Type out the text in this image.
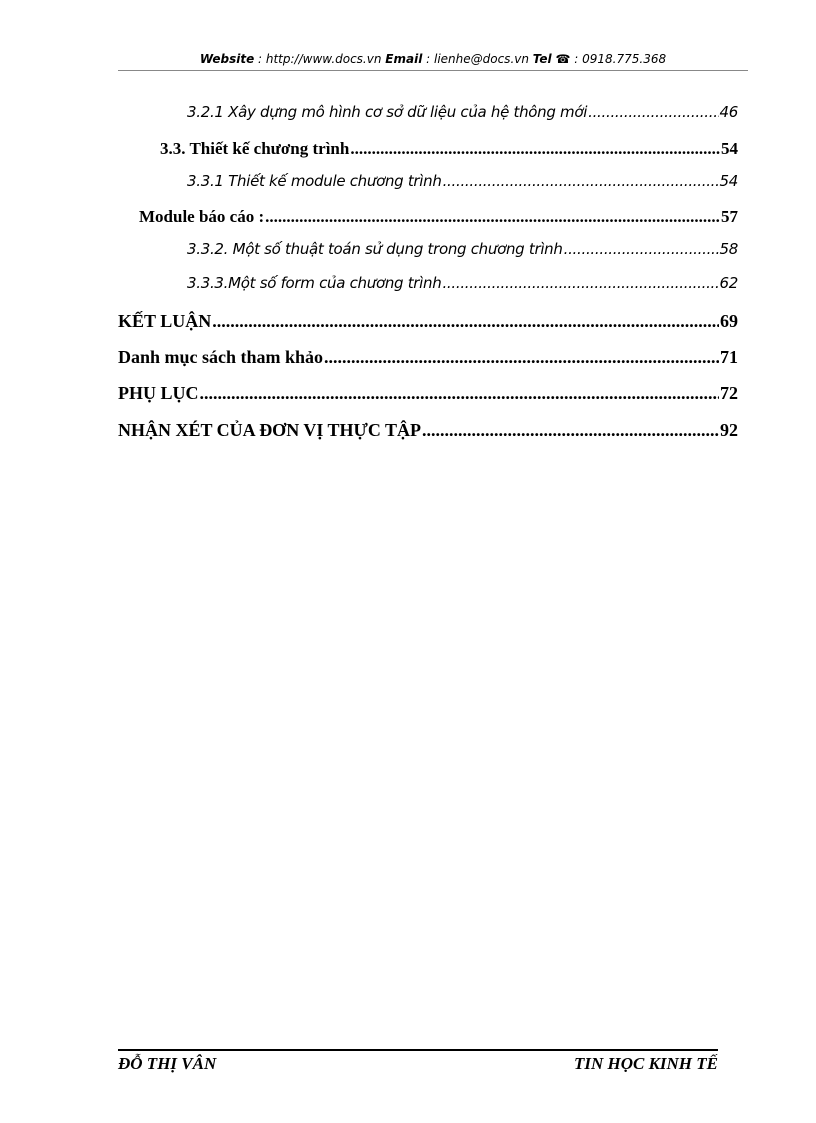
Website : http://www.docs.vn Email : lienhe@docs.vn Tel ☎ : 0918.775.368
3.2.1 Xây dựng mô hình cơ sở dữ liệu của hệ thông mới .....	46
3.3. Thiết kế chương trình .....	54
3.3.1 Thiết kế module chương trình .....	54
Module báo cáo : .....	57
3.3.2. Một số thuật toán sử dụng trong chương trình .....	58
3.3.3.Một số form của chương trình .....	62
KẾT LUẬN .....	69
Danh mục sách tham khảo .....	71
PHỤ LỤC .....	72
NHẬN XÉT CỦA ĐƠN VỊ THỰC TẬP .....	92
ĐỖ THỊ VÂN	TIN HỌC KINH TẾ
